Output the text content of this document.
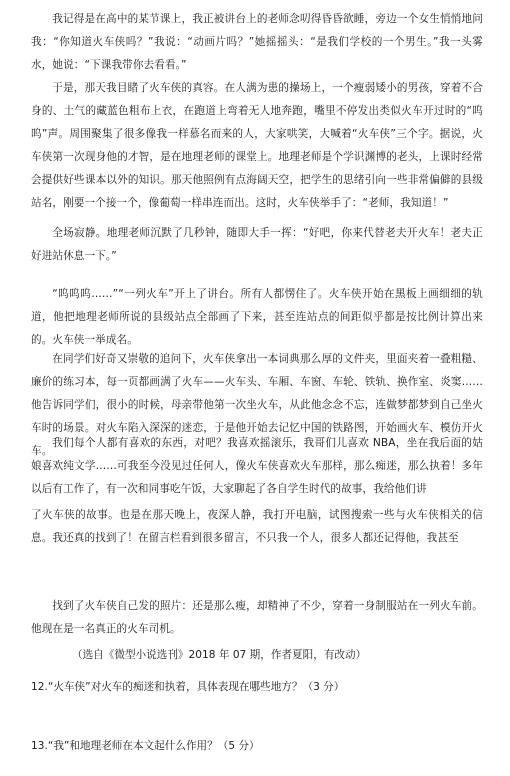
我记得是在高中的某节课上，我正被讲台上的老师念叨得昏昏欲睡，旁边一个女生悄悄地问我：“你知道火车侠吗？”我说：“动画片吗？”她摇摇头：“是我们学校的一个男生。”我一头雾水，她说：“下课我带你去看看。”

于是，那天我目睹了火车侠的真容。在人满为患的操场上，一个瘦弱矮小的男孩，穿着不合身的、土气的藏蓝色粗布上衣，在跑道上弯着无人地奔跑，嘴里不停发出类似火车开过时的“呜呜”声。周围聚集了很多像我一样慕名而来的人，大家哄笑，大喊着“火车侠”三个字。据说，火车侠第一次现身他的才智，是在地理老师的课堂上。地理老师是个学识渊博的老头，上课时经常会提供好些课本以外的知识。那天他照例有点海阔天空，把学生的思绪引向一些非常偏僻的县级站名，刚要一个接一个，像葡萄一样串连而出。这时，火车侠举手了：“老师，我知道！”

全场寂静。地理老师沉默了几秒钟，随即大手一挥：“好吧，你来代替老夫开火车！老夫正好进站休息一下。”

“呜呜呜……”“一列火车”开上了讲台。所有人都愣住了。火车侠开始在黑板上画细细的轨道，他把地理老师所说的县级站点全部画了下来，甚至连站点的间距似乎都是按比例计算出来的。火车侠一举成名。

在同学们好奇又崇敬的追问下，火车侠拿出一本词典那么厚的文件夹，里面夹着一叠粗糙、廉价的练习本，每一页都画满了火车——火车头、车厢、车窗、车轮、铁轨、换作室、炎窦…… 他告诉同学们，很小的时候，母亲带他第一次坐火车，从此他念念不忘，连做梦都梦到自己坐火车时的场景。对火车陷入深深的迷恋，于是他开始去记忆中国的铁路图，开始画火车、模仿开火车。

我们每个人都有喜欢的东西，对吧？我喜欢摇滚乐，我哥们儿喜欢 NBA，坐在我后面的姑娘喜欢纯文学……可我至今没见过任何人，像火车侠喜欢火车那样，那么痴迷，那么执着！多年以后有工作了，有一次和同事吃午饭，大家聊起了各自学生时代的故事，我给他们讲

了火车侠的故事。也是在那天晚上，夜深人静，我打开电脑，试图搜索一些与火车侠相关的信息。我还真的找到了！在留言栏看到很多留言，不只我一个人，很多人都还记得他，我甚至

找到了火车侠自己发的照片：还是那么瘦，却精神了不少，穿着一身制服站在一列火车前。他现在是一名真正的火车司机。

（选自《微型小说选刊》2018 年 07 期，作者夏阳，有改动）

12.“火车侠”对火车的痴迷和执着，具体表现在哪些地方？（3 分）

13.“我”和地理老师在本文起什么作用？（5 分）
